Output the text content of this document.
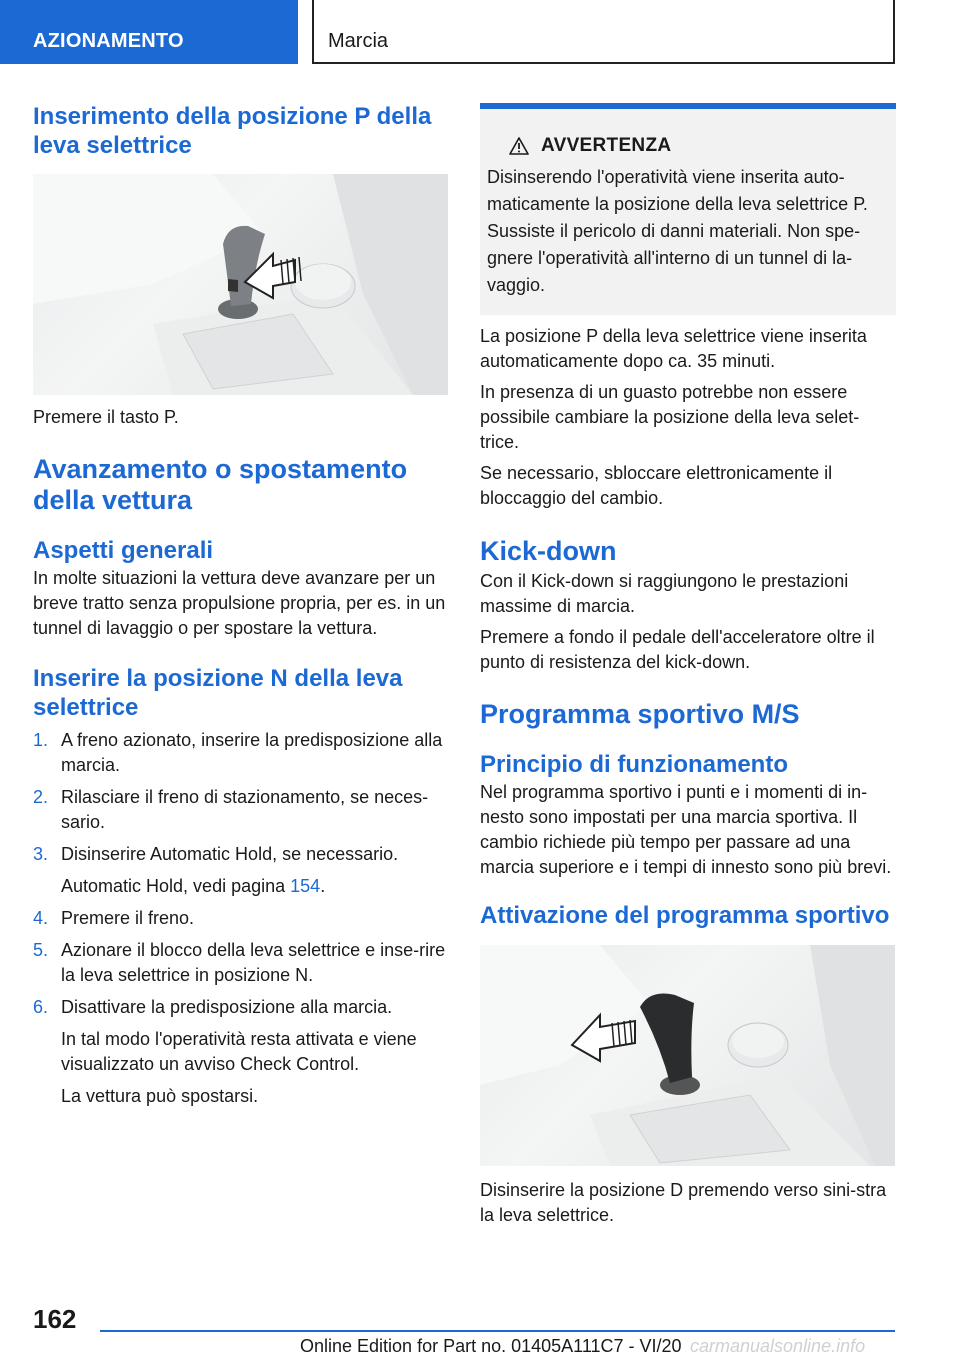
AZIONAMENTO	Marcia
Inserimento della posizione P della leva selettrice
Premere il tasto P.
Avanzamento o spostamento della vettura
Aspetti generali
In molte situazioni la vettura deve avanzare per un breve tratto senza propulsione propria, per es. in un tunnel di lavaggio o per spostare la vettura.
Inserire la posizione N della leva selettrice
1. A freno azionato, inserire la predisposizione alla marcia.
2. Rilasciare il freno di stazionamento, se neces-sario.
3. Disinserire Automatic Hold, se necessario.
Automatic Hold, vedi pagina 154.
4. Premere il freno.
5. Azionare il blocco della leva selettrice e inse-rire la leva selettrice in posizione N.
6. Disattivare la predisposizione alla marcia.
In tal modo l'operatività resta attivata e viene visualizzato un avviso Check Control.
La vettura può spostarsi.
AVVERTENZA
Disinserendo l'operatività viene inserita auto-maticamente la posizione della leva selettrice P. Sussiste il pericolo di danni materiali. Non spe-gnere l'operatività all'interno di un tunnel di la-vaggio.
La posizione P della leva selettrice viene inserita automaticamente dopo ca. 35 minuti.
In presenza di un guasto potrebbe non essere possibile cambiare la posizione della leva selet-trice.
Se necessario, sbloccare elettronicamente il bloccaggio del cambio.
Kick-down
Con il Kick-down si raggiungono le prestazioni massime di marcia.
Premere a fondo il pedale dell'acceleratore oltre il punto di resistenza del kick-down.
Programma sportivo M/S
Principio di funzionamento
Nel programma sportivo i punti e i momenti di in-nesto sono impostati per una marcia sportiva. Il cambio richiede più tempo per passare ad una marcia superiore e i tempi di innesto sono più brevi.
Attivazione del programma sportivo
Disinserire la posizione D premendo verso sini-stra la leva selettrice.
162
Online Edition for Part no. 01405A111C7 - VI/20 carmanualsonline.info
